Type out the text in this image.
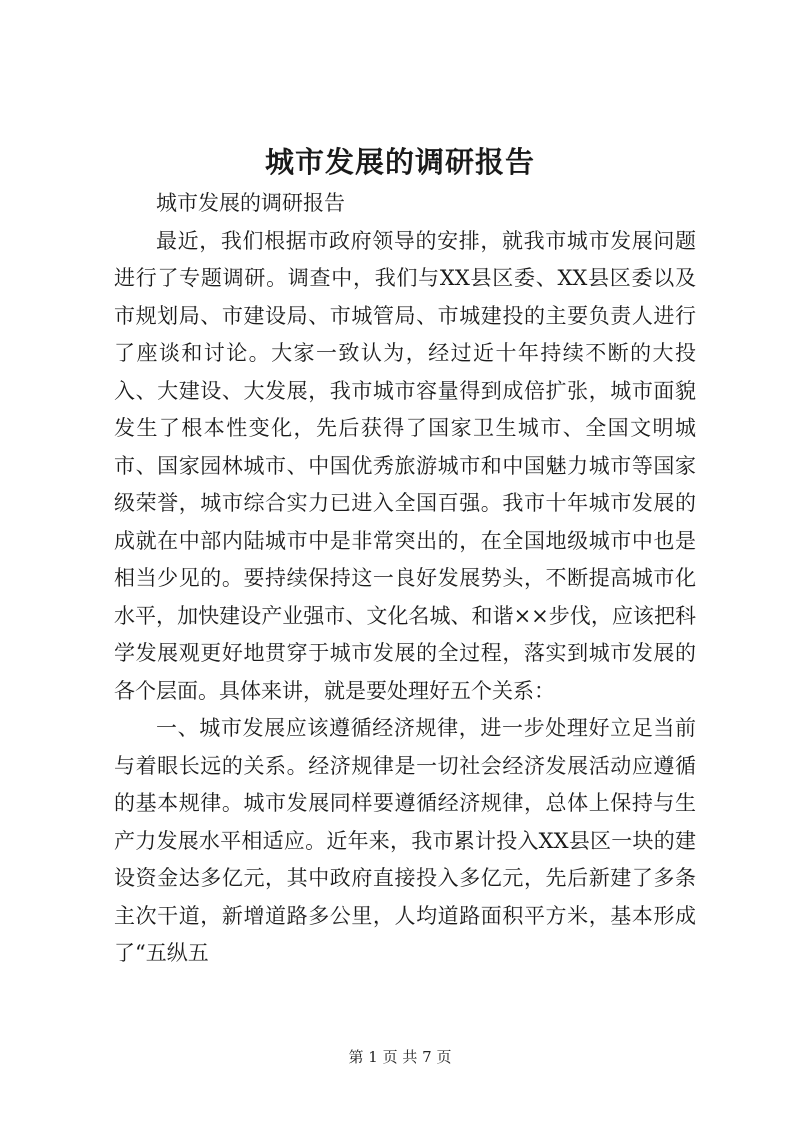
城市发展的调研报告

城市发展的调研报告

最近，我们根据市政府领导的安排，就我市城市发展问题进行了专题调研。调查中，我们与XX县区委、XX县区委以及市规划局、市建设局、市城管局、市城建投的主要负责人进行了座谈和讨论。大家一致认为，经过近十年持续不断的大投入、大建设、大发展，我市城市容量得到成倍扩张，城市面貌发生了根本性变化，先后获得了国家卫生城市、全国文明城市、国家园林城市、中国优秀旅游城市和中国魅力城市等国家级荣誉，城市综合实力已进入全国百强。我市十年城市发展的成就在中部内陆城市中是非常突出的，在全国地级城市中也是相当少见的。要持续保持这一良好发展势头，不断提高城市化水平，加快建设产业强市、文化名城、和谐××步伐，应该把科学发展观更好地贯穿于城市发展的全过程，落实到城市发展的各个层面。具体来讲，就是要处理好五个关系：

一、城市发展应该遵循经济规律，进一步处理好立足当前与着眼长远的关系。经济规律是一切社会经济发展活动应遵循的基本规律。城市发展同样要遵循经济规律，总体上保持与生产力发展水平相适应。近年来，我市累计投入XX县区一块的建设资金达多亿元，其中政府直接投入多亿元，先后新建了多条主次干道，新增道路多公里，人均道路面积平方米，基本形成了“五纵五

第 1 页 共 7 页
